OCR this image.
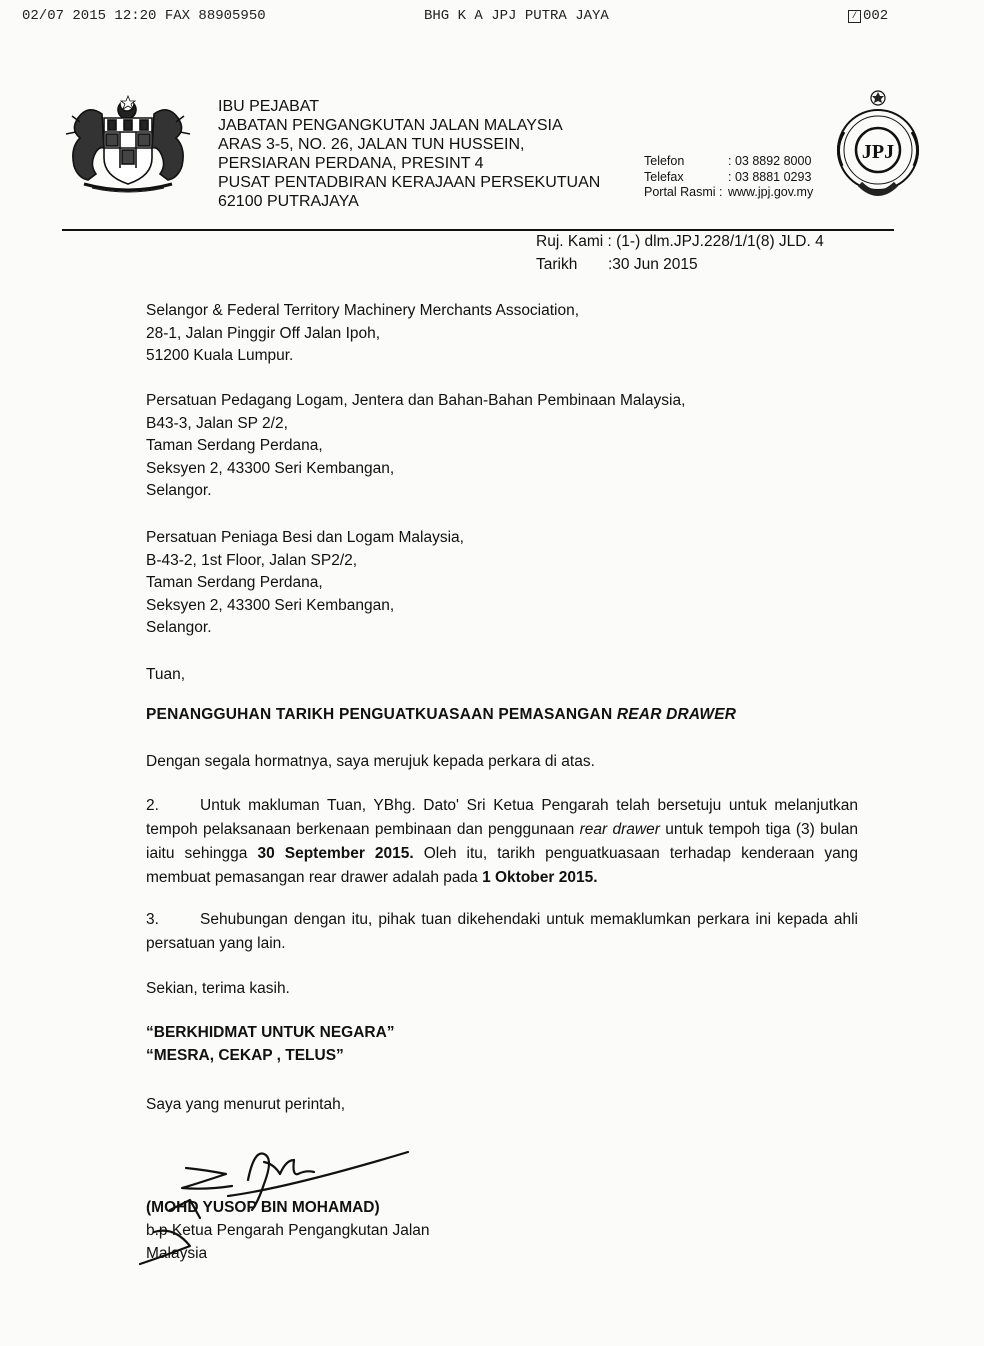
02/07 2015 12:20 FAX 88905950	BHG K A JPJ PUTRA JAYA	/ 002
IBU PEJABAT
JABATAN PENGANGKUTAN JALAN MALAYSIA
ARAS 3-5, NO. 26, JALAN TUN HUSSEIN,
PERSIARAN PERDANA, PRESINT 4
PUSAT PENTADBIRAN KERAJAAN PERSEKUTUAN
62100 PUTRAJAYA
Telefon	: 03 8892 8000
Telefax	: 03 8881 0293
Portal Rasmi : www.jpj.gov.my
JPJ
Ruj. Kami : (1-) dlm.JPJ.228/1/1(8) JLD. 4
Tarikh :30 Jun 2015
Selangor & Federal Territory Machinery Merchants Association,
28-1, Jalan Pinggir Off Jalan Ipoh,
51200 Kuala Lumpur.
Persatuan Pedagang Logam, Jentera dan Bahan-Bahan Pembinaan Malaysia,
B43-3, Jalan SP 2/2,
Taman Serdang Perdana,
Seksyen 2, 43300 Seri Kembangan,
Selangor.
Persatuan Peniaga Besi dan Logam Malaysia,
B-43-2, 1st Floor, Jalan SP2/2,
Taman Serdang Perdana,
Seksyen 2, 43300 Seri Kembangan,
Selangor.
Tuan,
PENANGGUHAN TARIKH PENGUATKUASAAN PEMASANGAN REAR DRAWER
Dengan segala hormatnya, saya merujuk kepada perkara di atas.
2.	Untuk makluman Tuan, YBhg. Dato' Sri Ketua Pengarah telah bersetuju untuk melanjutkan tempoh pelaksanaan berkenaan pembinaan dan penggunaan rear drawer untuk tempoh tiga (3) bulan iaitu sehingga 30 September 2015. Oleh itu, tarikh penguatkuasaan terhadap kenderaan yang membuat pemasangan rear drawer adalah pada 1 Oktober 2015.
3.	Sehubungan dengan itu, pihak tuan dikehendaki untuk memaklumkan perkara ini kepada ahli persatuan yang lain.
Sekian, terima kasih.
“BERKHIDMAT UNTUK NEGARA”
“MESRA, CEKAP , TELUS”
Saya yang menurut perintah,
(MOHD YUSOP BIN MOHAMAD)
b.p Ketua Pengarah Pengangkutan Jalan
Malaysia
